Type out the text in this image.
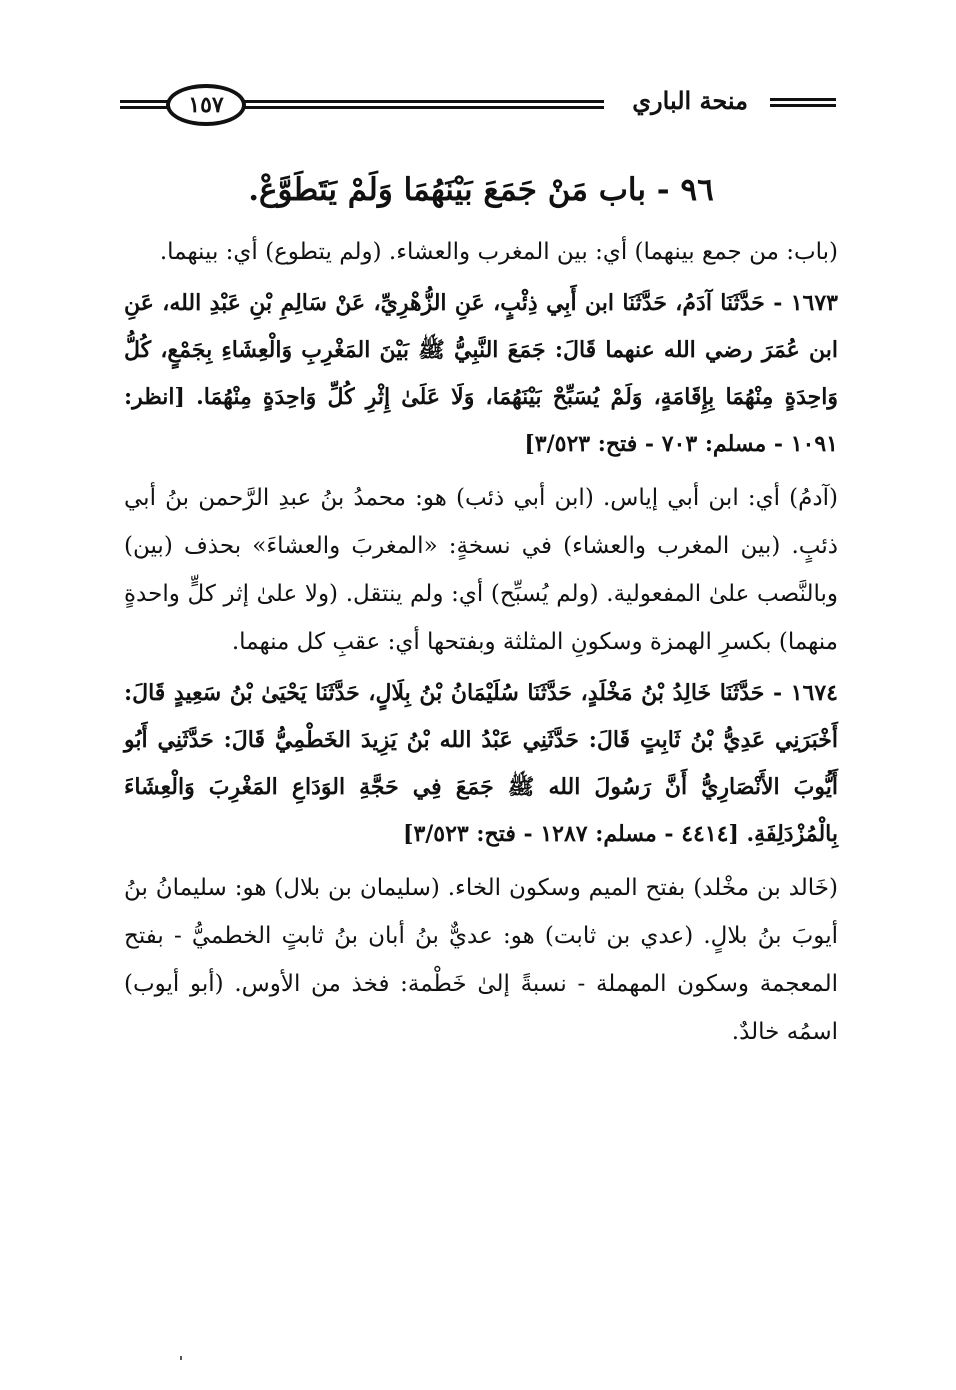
منحة الباري
١٥٧
٩٦ - باب مَنْ جَمَعَ بَيْنَهُمَا وَلَمْ يَتَطَوَّعْ.

(باب: من جمع بينهما) أي: بين المغرب والعشاء. (ولم يتطوع) أي: بينهما.

١٦٧٣ - حَدَّثَنَا آدَمُ، حَدَّثَنَا ابن أَبِي ذِئْبٍ، عَنِ الزُّهْرِيِّ، عَنْ سَالِمِ بْنِ عَبْدِ الله، عَنِ ابن عُمَرَ رضي الله عنهما قَالَ: جَمَعَ النَّبِيُّ ﷺ بَيْنَ المَغْرِبِ وَالْعِشَاءِ بِجَمْعٍ، كُلُّ وَاحِدَةٍ مِنْهُمَا بِإِقَامَةٍ، وَلَمْ يُسَبِّحْ بَيْنَهُمَا، وَلَا عَلَىٰ إِثْرِ كُلِّ وَاحِدَةٍ مِنْهُمَا. [انظر: ١٠٩١ - مسلم: ٧٠٣ - فتح: ٣/٥٢٣]

(آدمُ) أي: ابن أبي إياس. (ابن أبي ذئب) هو: محمدُ بنُ عبدِ الرَّحمن بنُ أبي ذئبٍ. (بين المغرب والعشاء) في نسخةٍ: «المغربَ والعشاءَ» بحذف (بين) وبالنَّصب علىٰ المفعولية. (ولم يُسبِّح) أي: ولم ينتقل. (ولا علىٰ إثر كلٍّ واحدةٍ منهما) بكسرِ الهمزة وسكونِ المثلثة وبفتحها أي: عقبِ كل منهما.

١٦٧٤ - حَدَّثَنَا خَالِدُ بْنُ مَخْلَدٍ، حَدَّثَنَا سُلَيْمَانُ بْنُ بِلَالٍ، حَدَّثَنَا يَحْيَىٰ بْنُ سَعِيدٍ قَالَ: أَخْبَرَنِي عَدِيُّ بْنُ ثَابِتٍ قَالَ: حَدَّثَنِي عَبْدُ الله بْنُ يَزِيدَ الخَطْمِيُّ قَالَ: حَدَّثَنِي أَبُو أَيُّوبَ الأَنْصَارِيُّ أَنَّ رَسُولَ الله ﷺ جَمَعَ فِي حَجَّةِ الوَدَاعِ المَغْرِبَ وَالْعِشَاءَ بِالْمُزْدَلِفَةِ. [٤٤١٤ - مسلم: ١٢٨٧ - فتح: ٣/٥٢٣]

(خَالد بن مخْلد) بفتح الميم وسكون الخاء. (سليمان بن بلال) هو: سليمانُ بنُ أيوبَ بنُ بلالٍ. (عدي بن ثابت) هو: عديٌّ بنُ أبان بنُ ثابتٍ الخطميُّ - بفتح المعجمة وسكون المهملة - نسبةً إلىٰ خَطْمة: فخذ من الأوس. (أبو أيوب) اسمُه خالدٌ.
